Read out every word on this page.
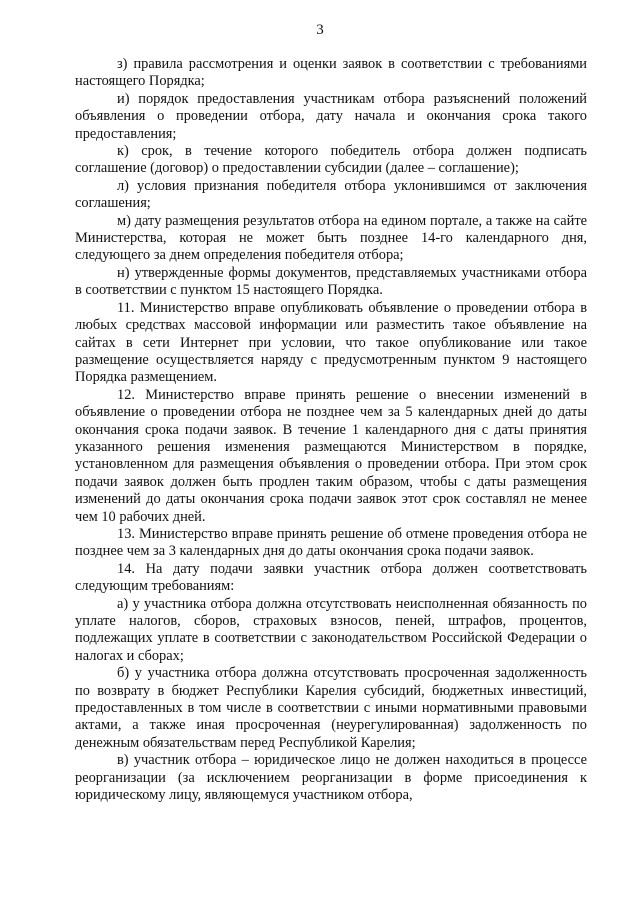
3

з) правила рассмотрения и оценки заявок в соответствии с требованиями настоящего Порядка;

и) порядок предоставления участникам отбора разъяснений положений объявления о проведении отбора, дату начала и окончания срока такого предоставления;

к) срок, в течение которого победитель отбора должен подписать соглашение (договор) о предоставлении субсидии (далее – соглашение);

л) условия признания победителя отбора уклонившимся от заключения соглашения;

м) дату размещения результатов отбора на едином портале, а также на сайте Министерства, которая не может быть позднее 14-го календарного дня, следующего за днем определения победителя отбора;

н) утвержденные формы документов, представляемых участниками отбора в соответствии с пунктом 15 настоящего Порядка.

11. Министерство вправе опубликовать объявление о проведении отбора в любых средствах массовой информации или разместить такое объявление на сайтах в сети Интернет при условии, что такое опубликование или такое размещение осуществляется наряду с предусмотренным пунктом 9 настоящего Порядка размещением.

12. Министерство вправе принять решение о внесении изменений в объявление о проведении отбора не позднее чем за 5 календарных дней до даты окончания срока подачи заявок. В течение 1 календарного дня с даты принятия указанного решения изменения размещаются Министерством в порядке, установленном для размещения объявления о проведении отбора. При этом срок подачи заявок должен быть продлен таким образом, чтобы с даты размещения изменений до даты окончания срока подачи заявок этот срок составлял не менее чем 10 рабочих дней.

13. Министерство вправе принять решение об отмене проведения отбора не позднее чем за 3 календарных дня до даты окончания срока подачи заявок.

14. На дату подачи заявки участник отбора должен соответствовать следующим требованиям:

а) у участника отбора должна отсутствовать неисполненная обязанность по уплате налогов, сборов, страховых взносов, пеней, штрафов, процентов, подлежащих уплате в соответствии с законодательством Российской Федерации о налогах и сборах;

б) у участника отбора должна отсутствовать просроченная задолженность по возврату в бюджет Республики Карелия субсидий, бюджетных инвестиций, предоставленных в том числе в соответствии с иными нормативными правовыми актами, а также иная просроченная (неурегулированная) задолженность по денежным обязательствам перед Республикой Карелия;

в) участник отбора – юридическое лицо не должен находиться в процессе реорганизации (за исключением реорганизации в форме присоединения к юридическому лицу, являющемуся участником отбора,
